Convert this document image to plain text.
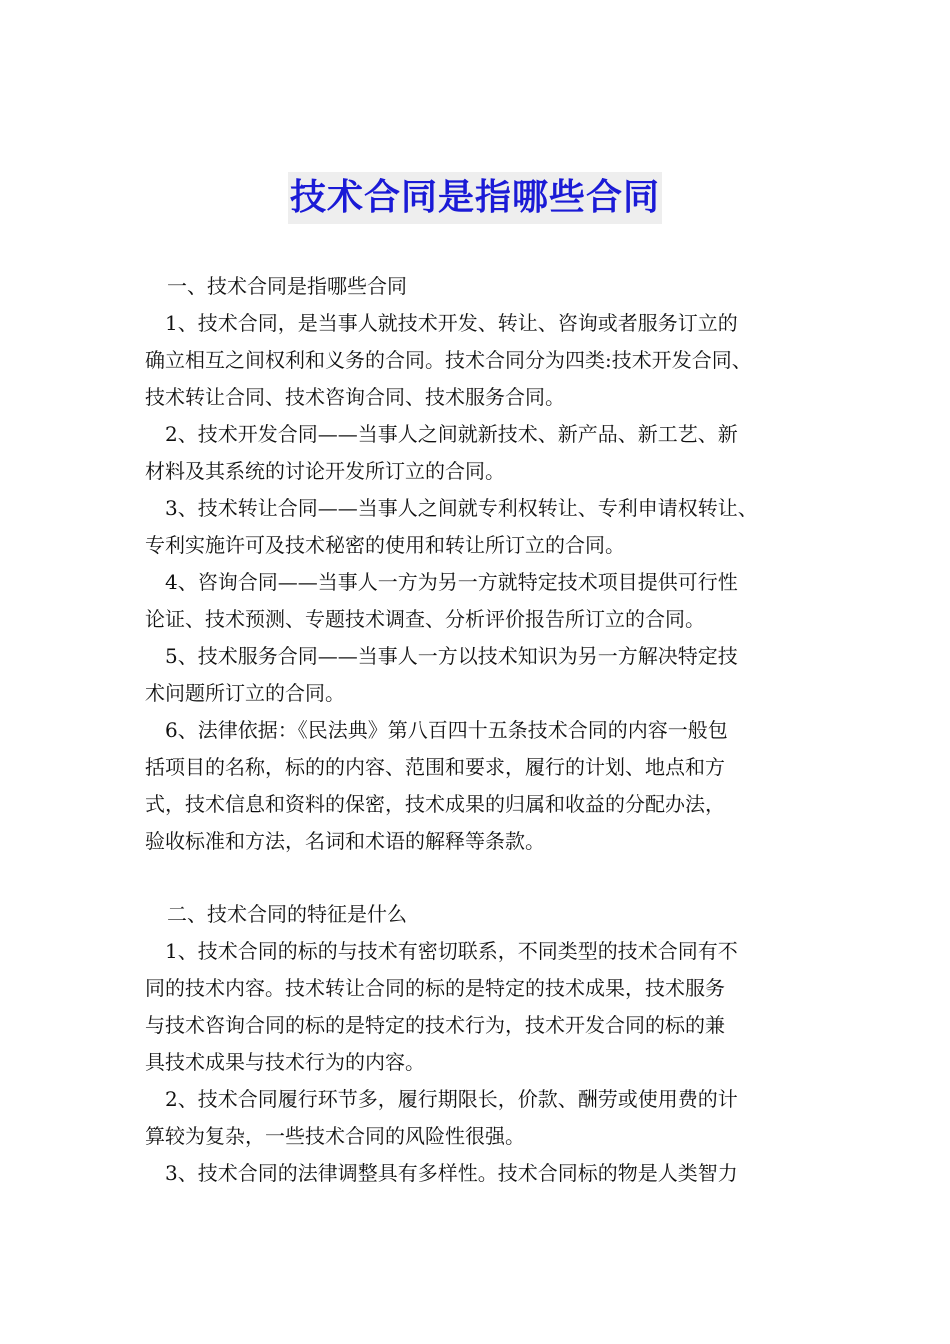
技术合同是指哪些合同
一、技术合同是指哪些合同
1、技术合同，是当事人就技术开发、转让、咨询或者服务订立的
确立相互之间权利和义务的合同。技术合同分为四类:技术开发合同、
技术转让合同、技术咨询合同、技术服务合同。
2、技术开发合同——当事人之间就新技术、新产品、新工艺、新
材料及其系统的讨论开发所订立的合同。
3、技术转让合同——当事人之间就专利权转让、专利申请权转让、
专利实施许可及技术秘密的使用和转让所订立的合同。
4、咨询合同——当事人一方为另一方就特定技术项目提供可行性
论证、技术预测、专题技术调查、分析评价报告所订立的合同。
5、技术服务合同——当事人一方以技术知识为另一方解决特定技
术问题所订立的合同。
6、法律依据：《民法典》第八百四十五条技术合同的内容一般包
括项目的名称，标的的内容、范围和要求，履行的计划、地点和方
式，技术信息和资料的保密，技术成果的归属和收益的分配办法，
验收标准和方法，名词和术语的解释等条款。
二、技术合同的特征是什么
1、技术合同的标的与技术有密切联系，不同类型的技术合同有不
同的技术内容。技术转让合同的标的是特定的技术成果，技术服务
与技术咨询合同的标的是特定的技术行为，技术开发合同的标的兼
具技术成果与技术行为的内容。
2、技术合同履行环节多，履行期限长，价款、酬劳或使用费的计
算较为复杂，一些技术合同的风险性很强。
3、技术合同的法律调整具有多样性。技术合同标的物是人类智力
